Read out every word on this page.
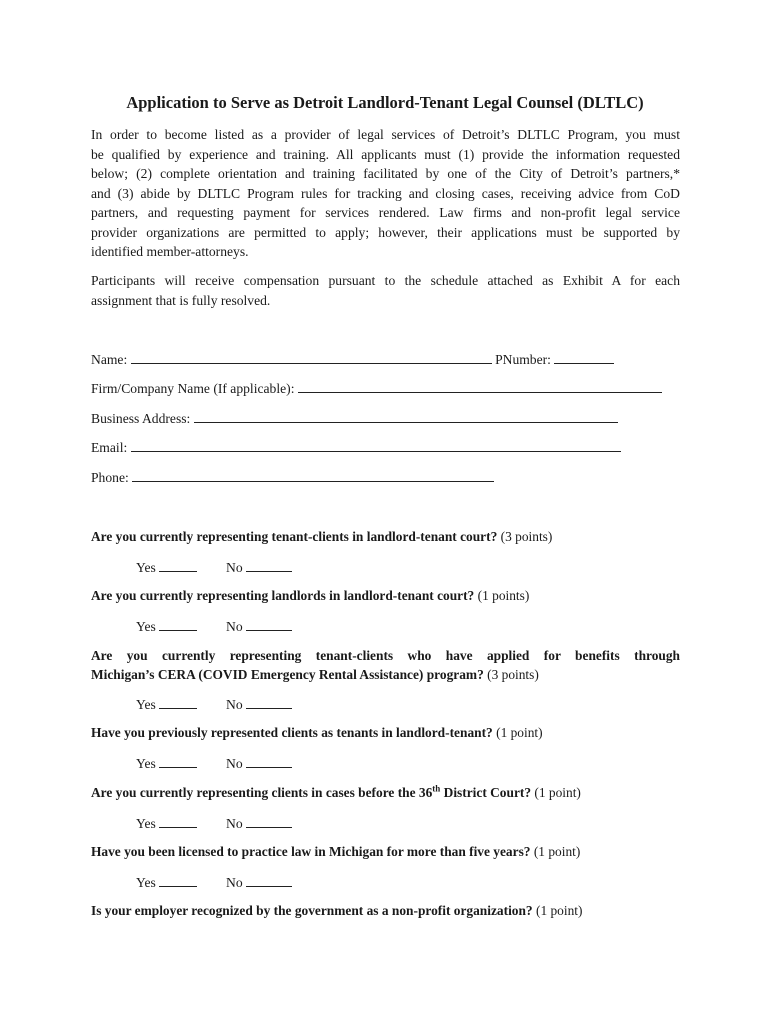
Application to Serve as Detroit Landlord-Tenant Legal Counsel (DLTLC)
In order to become listed as a provider of legal services of Detroit’s DLTLC Program, you must
be qualified by experience and training. All applicants must (1) provide the information requested
below; (2) complete orientation and training facilitated by one of the City of Detroit’s partners,*
and (3) abide by DLTLC Program rules for tracking and closing cases, receiving advice from CoD
partners, and requesting payment for services rendered. Law firms and non-profit legal service
provider organizations are permitted to apply; however, their applications must be supported by
identified member-attorneys.
Participants will receive compensation pursuant to the schedule attached as Exhibit A for each
assignment that is fully resolved.
Name:	PNumber:
Firm/Company Name (If applicable):
Business Address:
Email:
Phone:

Are you currently representing tenant-clients in landlord-tenant court? (3 points)

Yes	No

Are you currently representing landlords in landlord-tenant court? (1 points)

Yes	No

Are you currently representing tenant-clients who have applied for benefits through
Michigan’s CERA (COVID Emergency Rental Assistance) program? (3 points)

Yes	No

Have you previously represented clients as tenants in landlord-tenant? (1 point)

Yes	No

Are you currently representing clients in cases before the 36th District Court? (1 point)

Yes	No

Have you been licensed to practice law in Michigan for more than five years? (1 point)

Yes	No

Is your employer recognized by the government as a non-profit organization? (1 point)
